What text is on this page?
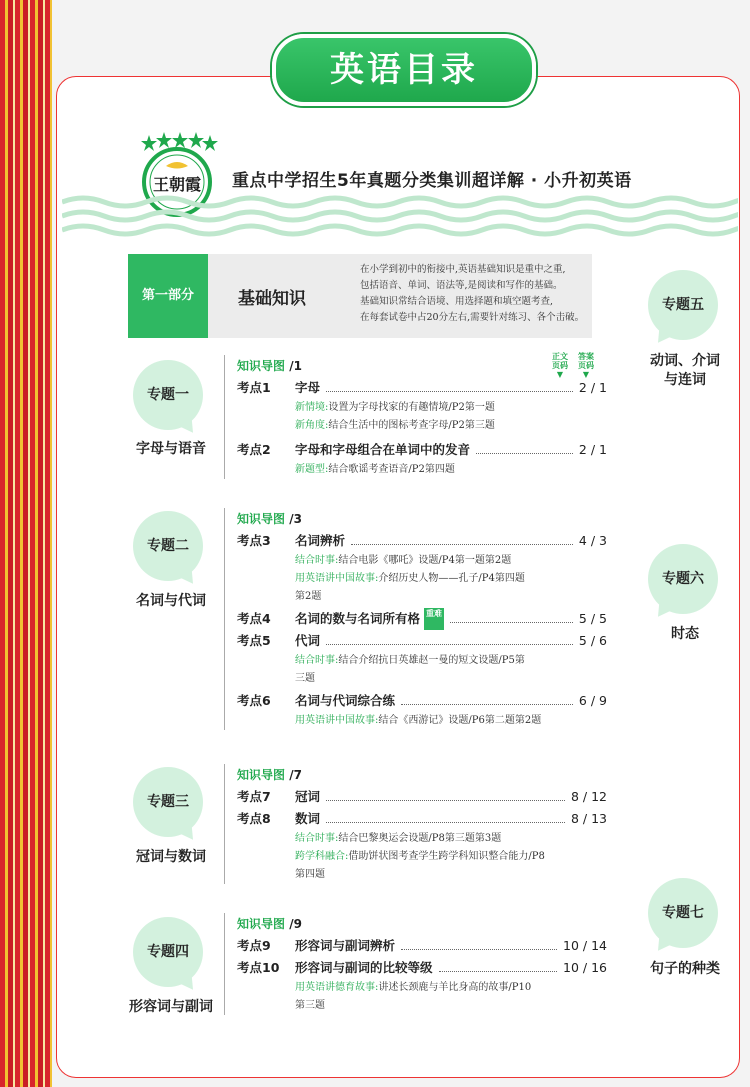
英语目录
王朝霞 重点中学招生5年真题分类集训超详解 · 小升初英语
第一部分	基础知识
在小学到初中的衔接中,英语基础知识是重中之重,
包括语音、单词、语法等,是阅读和写作的基础。
基础知识常结合语境、用选择题和填空题考查,
在每套试卷中占20分左右,需要针对练习、各个击破。
正文
页码
▼
答案
页码
▼
专题一
字母与语音
专题二
名词与代词
专题三
冠词与数词
专题四
形容词与副词
专题五
动词、介词
与连词
专题六
时态
专题七
句子的种类
知识导图 /1
考点1	字母	2 / 1
新情境:设置为字母找家的有趣情境/P2第一题
新角度:结合生活中的图标考查字母/P2第三题
考点2	字母和字母组合在单词中的发音	2 / 1
新题型:结合歌谣考查语音/P2第四题
知识导图 /3
考点3	名词辨析	4 / 3
结合时事:结合电影《哪吒》设题/P4第一题第2题
用英语讲中国故事:介绍历史人物——孔子/P4第四题
第2题
考点4	名词的数与名词所有格 重难	5 / 5
考点5	代词	5 / 6
结合时事:结合介绍抗日英雄赵一曼的短文设题/P5第
三题
考点6	名词与代词综合练	6 / 9
用英语讲中国故事:结合《西游记》设题/P6第二题第2题
知识导图 /7
考点7	冠词	8 / 12
考点8	数词	8 / 13
结合时事:结合巴黎奥运会设题/P8第三题第3题
跨学科融合:借助饼状图考查学生跨学科知识整合能力/P8
第四题
知识导图 /9
考点9	形容词与副词辨析	10 / 14
考点10	形容词与副词的比较等级	10 / 16
用英语讲德育故事:讲述长颈鹿与羊比身高的故事/P10
第三题
